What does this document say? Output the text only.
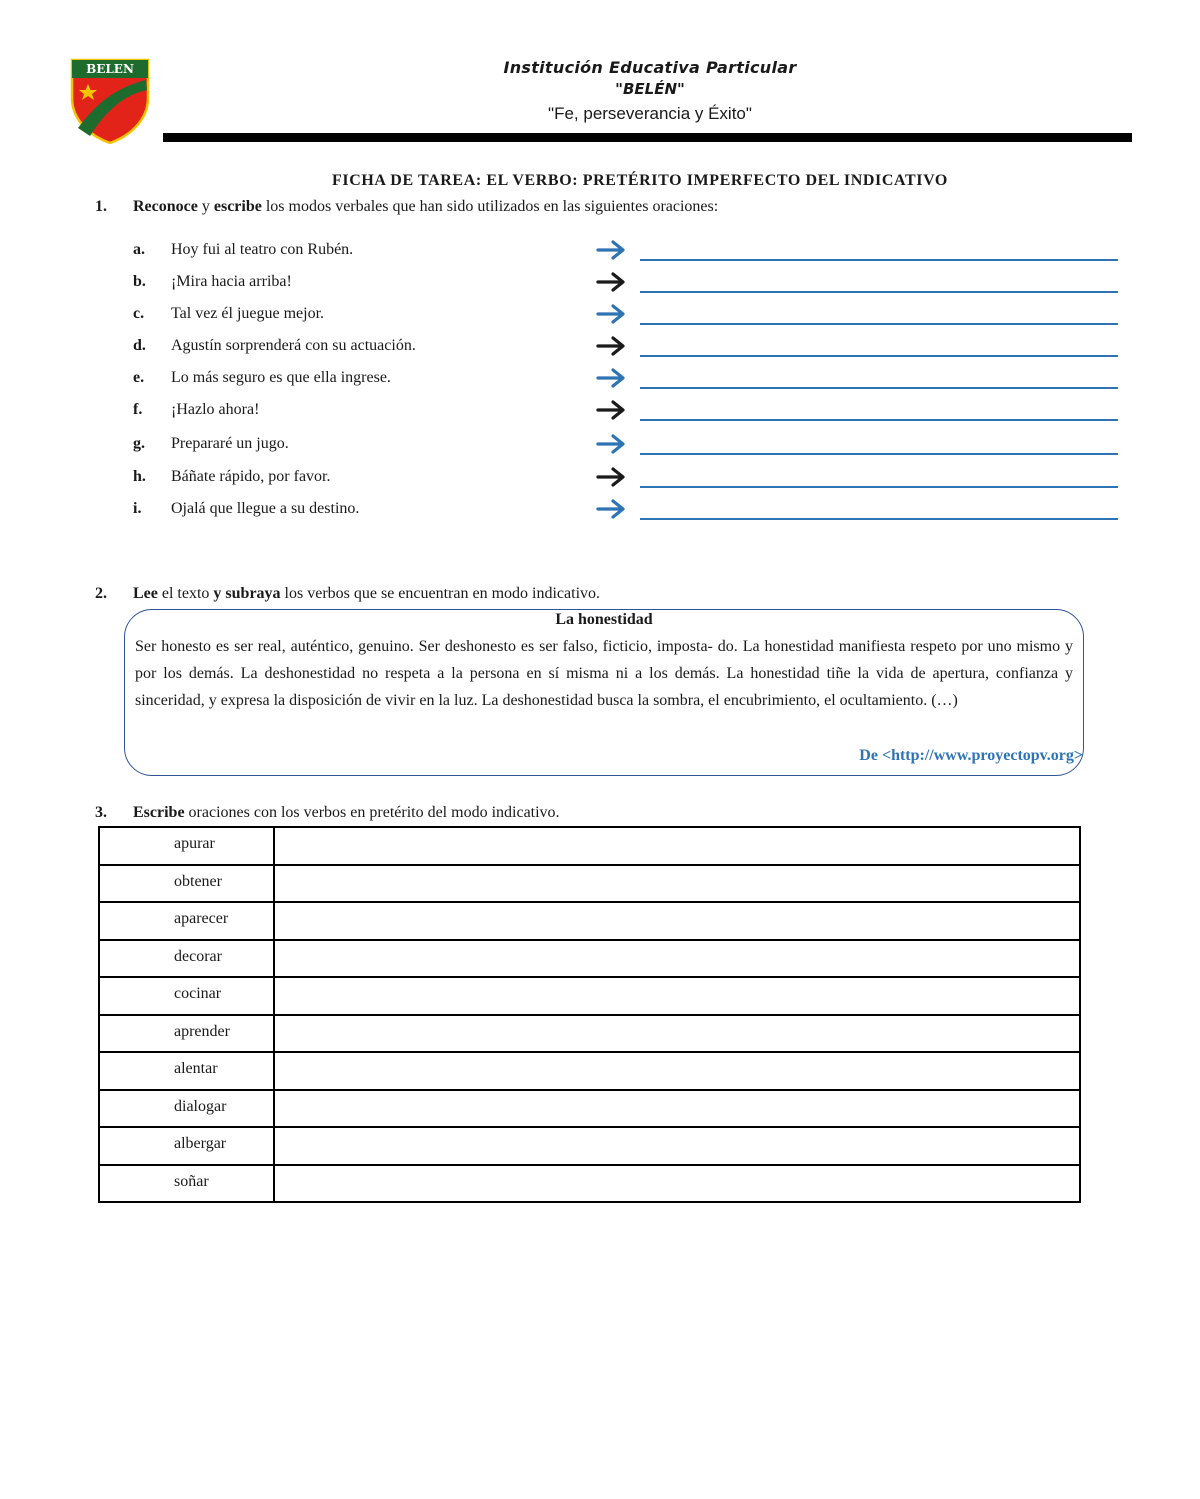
BELEN	Institución Educativa Particular
"BELÉN"
"Fe, perseverancia y Éxito"
FICHA DE TAREA: EL VERBO: PRETÉRITO IMPERFECTO DEL INDICATIVO
1. Reconoce y escribe los modos verbales que han sido utilizados en las siguientes oraciones:
a.	Hoy fui al teatro con Rubén.
b.	¡Mira hacia arriba!
c.	Tal vez él juegue mejor.
d.	Agustín sorprenderá con su actuación.
e.	Lo más seguro es que ella ingrese.
f.	¡Hazlo ahora!
g.	Prepararé un jugo.
h.	Báñate rápido, por favor.
i.	Ojalá que llegue a su destino.
2. Lee el texto y subraya los verbos que se encuentran en modo indicativo.
La honestidad
Ser honesto es ser real, auténtico, genuino. Ser deshonesto es ser falso, ficticio, imposta- do. La honestidad manifiesta respeto por uno mismo y por los demás. La deshonestidad no respeta a la persona en sí misma ni a los demás. La honestidad tiñe la vida de apertura, confianza y sinceridad, y expresa la disposición de vivir en la luz. La deshonestidad busca la sombra, el encubrimiento, el ocultamiento. (…)
De <http://www.proyectopv.org>
3. Escribe oraciones con los verbos en pretérito del modo indicativo.
apurar	
obtener	
aparecer	
decorar	
cocinar	
aprender	
alentar	
dialogar	
albergar	
soñar	
